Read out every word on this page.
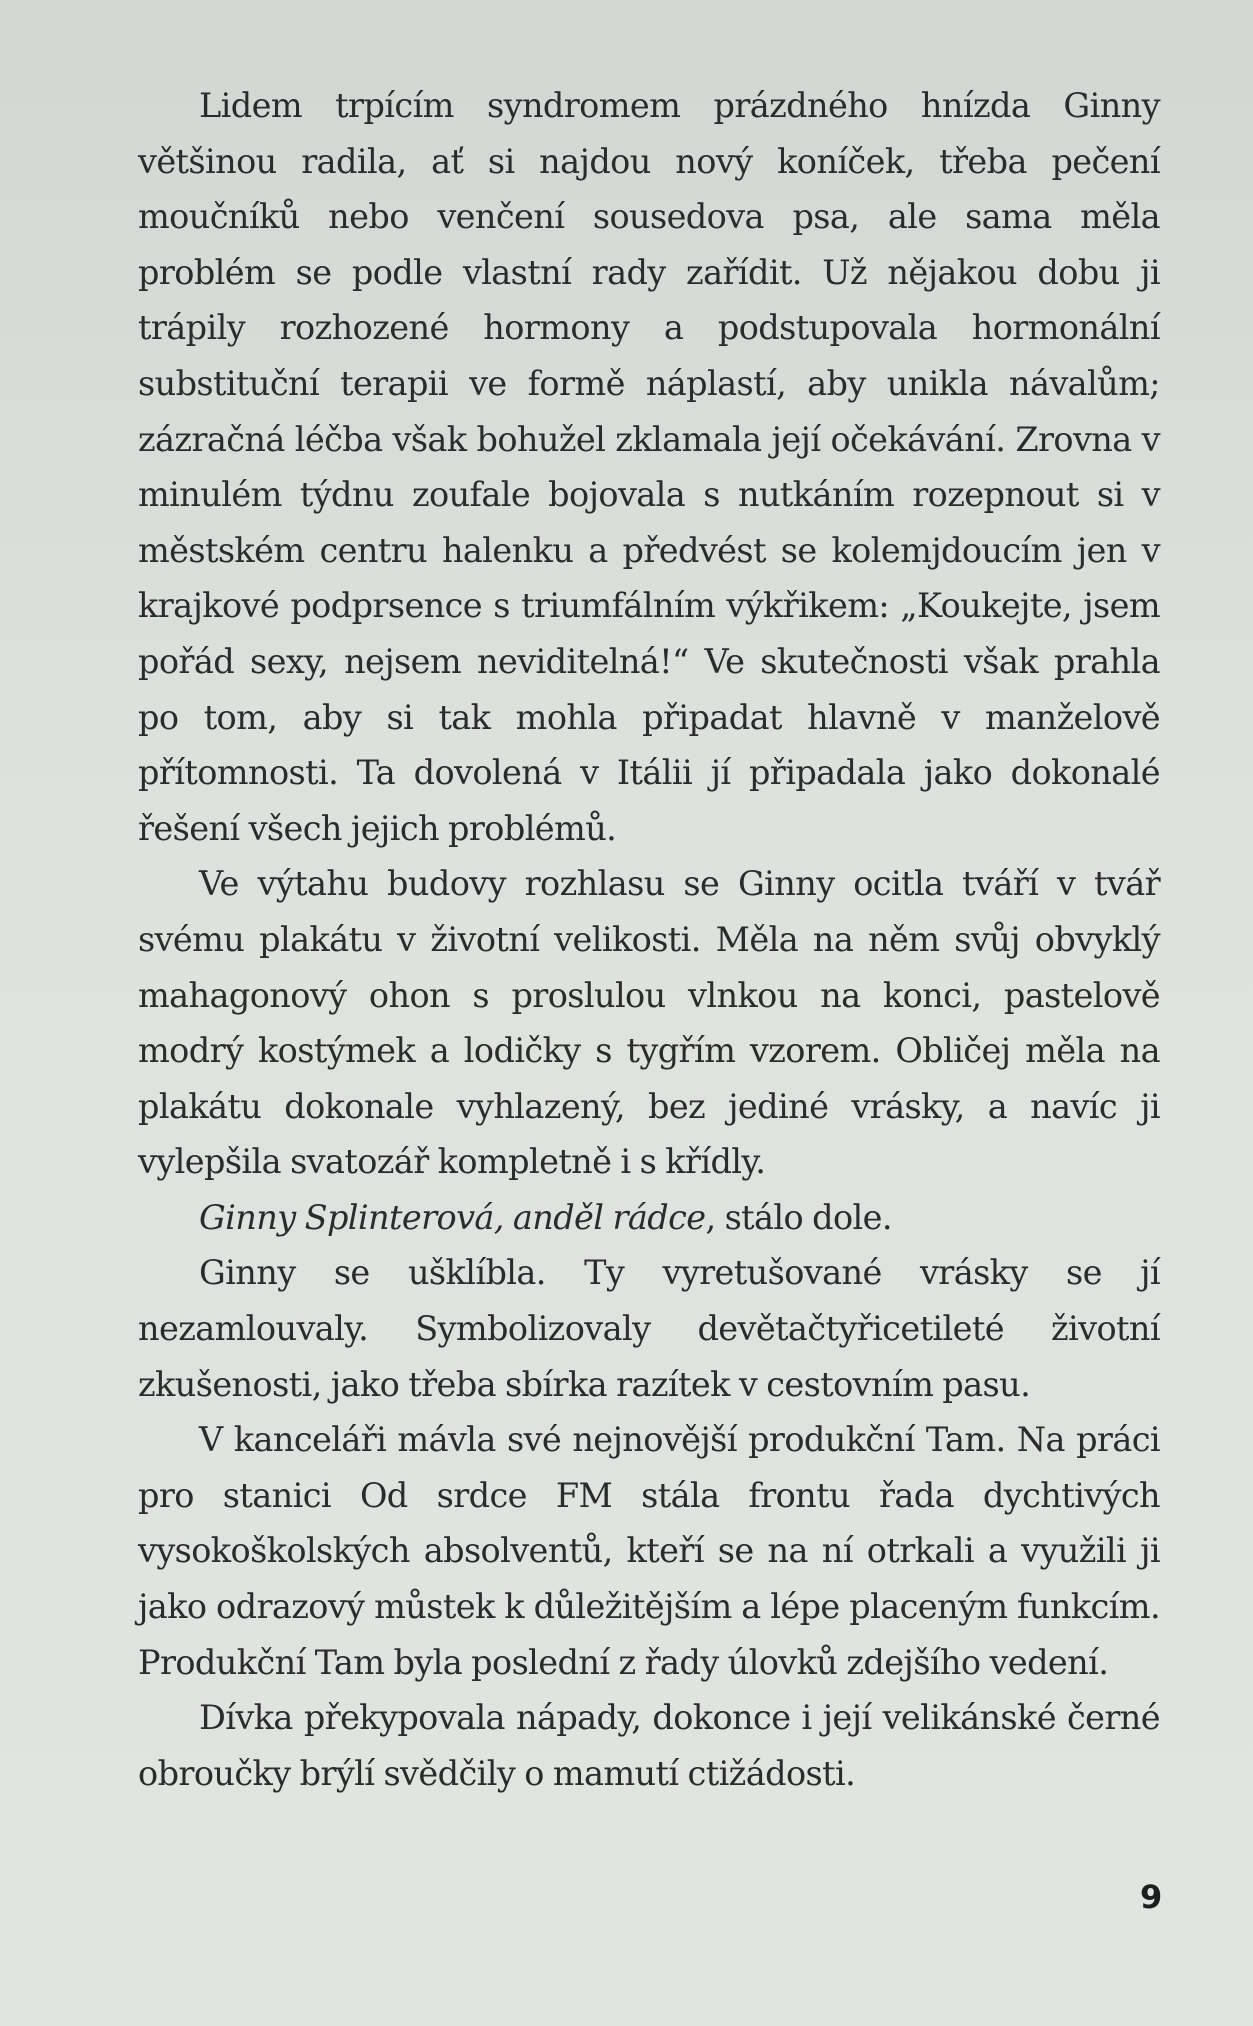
Lidem trpícím syndromem prázdného hnízda Ginny většinou radila, ať si najdou nový koníček, třeba pečení moučníků nebo venčení sousedova psa, ale sama měla problém se podle vlastní rady zařídit. Už nějakou dobu ji trápily rozhozené hormony a podstupovala hormonální substituční terapii ve formě náplastí, aby unikla návalům; zázračná léčba však bohužel zklamala její očekávání. Zrovna v minulém týdnu zoufale bojovala s nutkáním rozepnout si v městském centru halenku a předvést se kolemjdoucím jen v krajkové podprsence s triumfálním výkřikem: „Koukejte, jsem pořád sexy, nejsem neviditelná!“ Ve skutečnosti však prahla po tom, aby si tak mohla připadat hlavně v manželově přítomnosti. Ta dovolená v Itálii jí připadala jako dokonalé řešení všech jejich problémů.

Ve výtahu budovy rozhlasu se Ginny ocitla tváří v tvář svému plakátu v životní velikosti. Měla na něm svůj obvyklý mahagonový ohon s proslulou vlnkou na konci, pastelově modrý kostýmek a lodičky s tygřím vzorem. Obličej měla na plakátu dokonale vyhlazený, bez jediné vrásky, a navíc ji vylepšila svatozář kompletně i s křídly.

Ginny Splinterová, anděl rádce, stálo dole.

Ginny se ušklíbla. Ty vyretušované vrásky se jí nezamlouvaly. Symbolizovaly devětačtyřicetileté životní zkušenosti, jako třeba sbírka razítek v cestovním pasu.

V kanceláři mávla své nejnovější produkční Tam. Na práci pro stanici Od srdce FM stála frontu řada dychtivých vysokoškolských absolventů, kteří se na ní otrkali a využili ji jako odrazový můstek k důležitějším a lépe placeným funkcím. Produkční Tam byla poslední z řady úlovků zdejšího vedení.

Dívka překypovala nápady, dokonce i její velikánské černé obroučky brýlí svědčily o mamutí ctižádosti.

9
